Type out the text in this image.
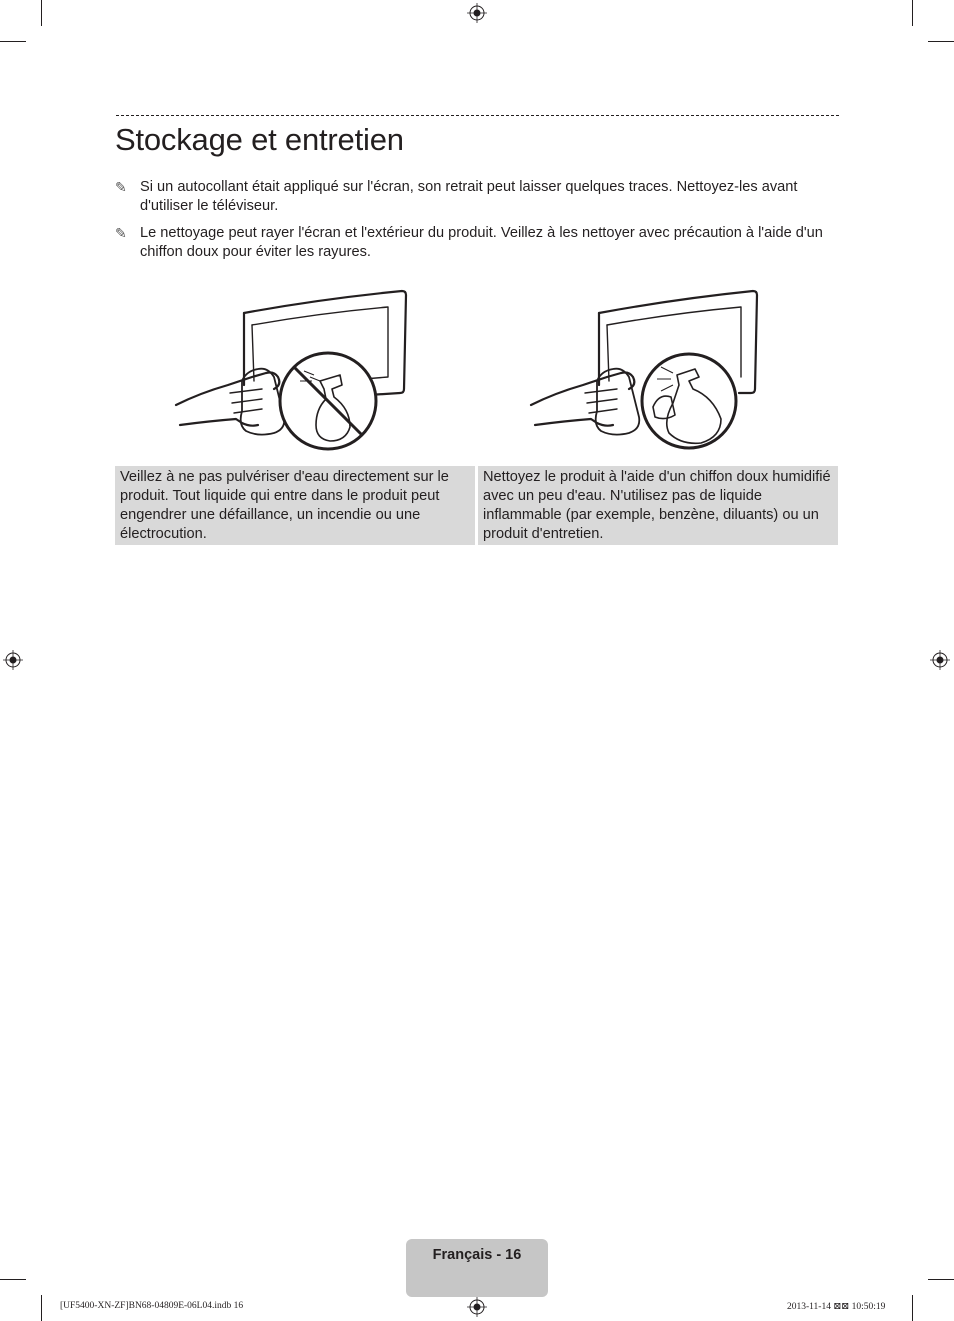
Stockage et entretien
✎ Si un autocollant était appliqué sur l'écran, son retrait peut laisser quelques traces. Nettoyez-les avant d'utiliser le téléviseur.
✎ Le nettoyage peut rayer l'écran et l'extérieur du produit. Veillez à les nettoyer avec précaution à l'aide d'un chiffon doux pour éviter les rayures.
Veillez à ne pas pulvériser d'eau directement sur le produit. Tout liquide qui entre dans le produit peut engendrer une défaillance, un incendie ou une électrocution.
Nettoyez le produit à l'aide d'un chiffon doux humidifié avec un peu d'eau. N'utilisez pas de liquide inflammable (par exemple, benzène, diluants) ou un produit d'entretien.
Français - 16
[UF5400-XN-ZF]BN68-04809E-06L04.indb 16	2013-11-14 ⊠⊠ 10:50:19
